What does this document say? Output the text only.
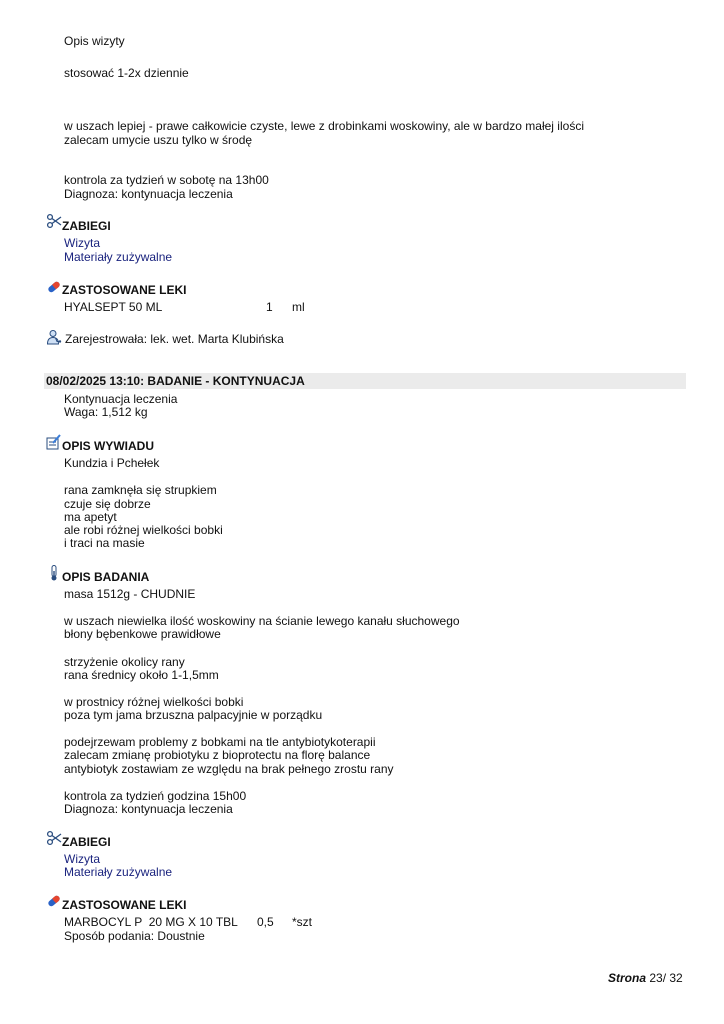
Opis wizyty
stosować 1-2x dziennie
w uszach lepiej - prawe całkowicie czyste, lewe z drobinkami woskowiny, ale w bardzo małej ilości
zalecam umycie uszu tylko w środę
kontrola za tydzień w sobotę na 13h00
Diagnoza: kontynuacja leczenia
ZABIEGI
Wizyta
Materiały zużywalne
ZASTOSOWANE LEKI
HYALSEPT 50 ML	1 ml
Zarejestrowała: lek. wet. Marta Klubińska
08/02/2025 13:10: BADANIE - KONTYNUACJA
Kontynuacja leczenia
Waga: 1,512 kg
OPIS WYWIADU
Kundzia i Pchełek
rana zamknęła się strupkiem
czuje się dobrze
ma apetyt
ale robi różnej wielkości bobki
i traci na masie
OPIS BADANIA
masa 1512g - CHUDNIE
w uszach niewielka ilość woskowiny na ścianie lewego kanału słuchowego
błony bębenkowe prawidłowe
strzyżenie okolicy rany
rana średnicy około 1-1,5mm
w prostnicy różnej wielkości bobki
poza tym jama brzuszna palpacyjnie w porządku
podejrzewam problemy z bobkami na tle antybiotykoterapii
zalecam zmianę probiotyku z bioprotectu na florę balance
antybiotyk zostawiam ze względu na brak pełnego zrostu rany
kontrola za tydzień godzina 15h00
Diagnoza: kontynuacja leczenia
ZABIEGI
Wizyta
Materiały zużywalne
ZASTOSOWANE LEKI
MARBOCYL P  20 MG X 10 TBL 0,5 *szt
Sposób podania: Doustnie
Strona 23/ 32
